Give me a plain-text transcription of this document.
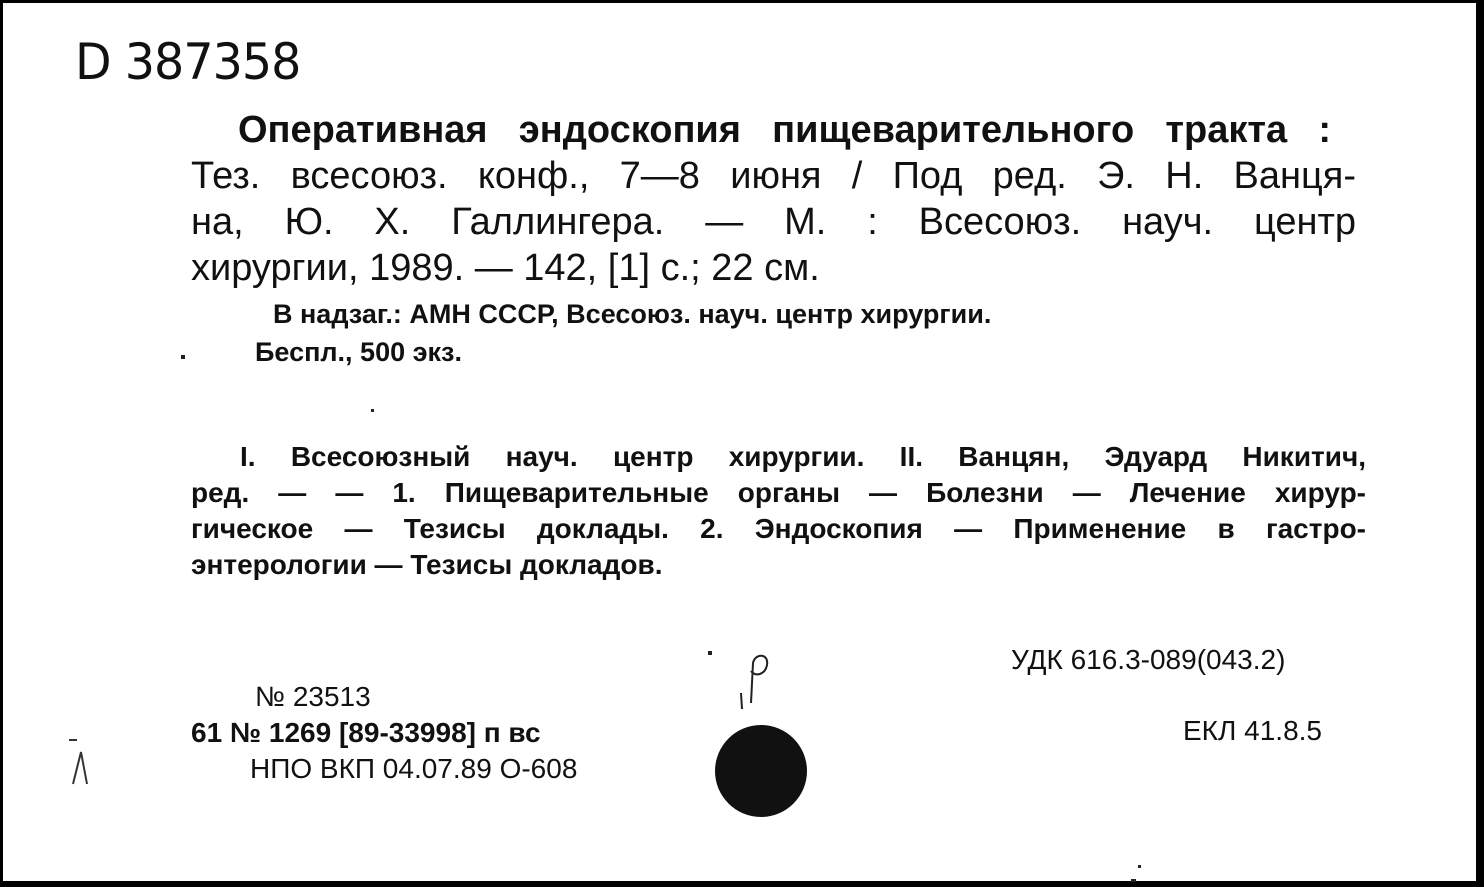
D 387358
Оперативная эндоскопия пищеварительного тракта :
Тез. всесоюз. конф., 7—8 июня / Под ред. Э. Н. Ванця-
на, Ю. Х. Галлингера. — М. : Всесоюз. науч. центр
хирургии, 1989. — 142, [1] с.; 22 см.
В надзаг.: АМН СССР, Всесоюз. науч. центр хирургии.
Беспл., 500 экз.
I. Всесоюзный науч. центр хирургии. II. Ванцян, Эдуард Никитич,
ред. — — 1. Пищеварительные органы — Болезни — Лечение хирур-
гическое — Тезисы доклады. 2. Эндоскопия — Применение в гастро-
энтерологии — Тезисы докладов.
№ 23513
61 № 1269 [89-33998] п вс
НПО ВКП 04.07.89 О-608
УДК 616.3-089(043.2)
ЕКЛ 41.8.5
